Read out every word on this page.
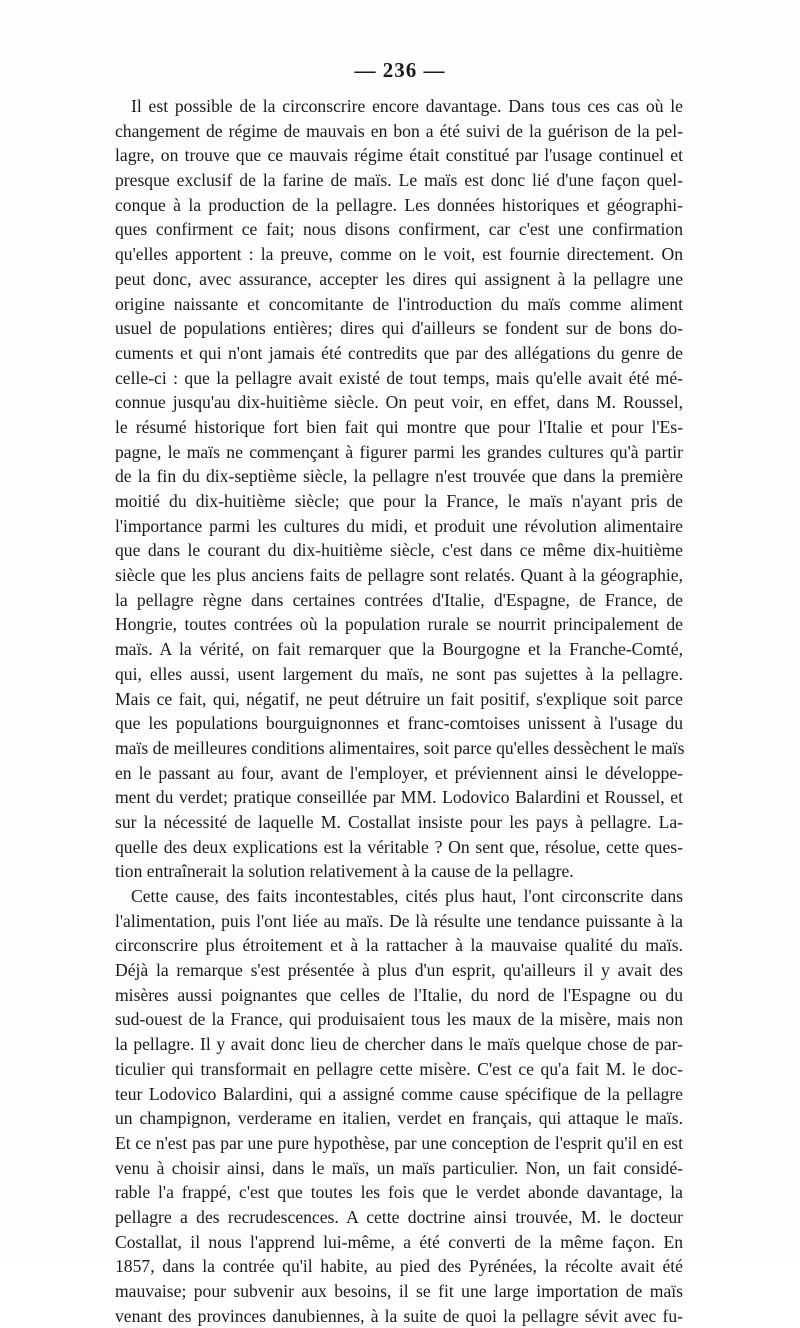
— 236 —
Il est possible de la circonscrire encore davantage. Dans tous ces cas où le
changement de régime de mauvais en bon a été suivi de la guérison de la pel-
lagre, on trouve que ce mauvais régime était constitué par l'usage continuel et
presque exclusif de la farine de maïs. Le maïs est donc lié d'une façon quel-
conque à la production de la pellagre. Les données historiques et géographi-
ques confirment ce fait; nous disons confirment, car c'est une confirmation
qu'elles apportent : la preuve, comme on le voit, est fournie directement. On
peut donc, avec assurance, accepter les dires qui assignent à la pellagre une
origine naissante et concomitante de l'introduction du maïs comme aliment
usuel de populations entières; dires qui d'ailleurs se fondent sur de bons do-
cuments et qui n'ont jamais été contredits que par des allégations du genre de
celle-ci : que la pellagre avait existé de tout temps, mais qu'elle avait été mé-
connue jusqu'au dix-huitième siècle. On peut voir, en effet, dans M. Roussel,
le résumé historique fort bien fait qui montre que pour l'Italie et pour l'Es-
pagne, le maïs ne commençant à figurer parmi les grandes cultures qu'à partir
de la fin du dix-septième siècle, la pellagre n'est trouvée que dans la première
moitié du dix-huitième siècle; que pour la France, le maïs n'ayant pris de
l'importance parmi les cultures du midi, et produit une révolution alimentaire
que dans le courant du dix-huitième siècle, c'est dans ce même dix-huitième
siècle que les plus anciens faits de pellagre sont relatés. Quant à la géographie,
la pellagre règne dans certaines contrées d'Italie, d'Espagne, de France, de
Hongrie, toutes contrées où la population rurale se nourrit principalement de
maïs. A la vérité, on fait remarquer que la Bourgogne et la Franche-Comté,
qui, elles aussi, usent largement du maïs, ne sont pas sujettes à la pellagre.
Mais ce fait, qui, négatif, ne peut détruire un fait positif, s'explique soit parce
que les populations bourguignonnes et franc-comtoises unissent à l'usage du
maïs de meilleures conditions alimentaires, soit parce qu'elles dessèchent le maïs
en le passant au four, avant de l'employer, et préviennent ainsi le développe-
ment du verdet; pratique conseillée par MM. Lodovico Balardini et Roussel, et
sur la nécessité de laquelle M. Costallat insiste pour les pays à pellagre. La-
quelle des deux explications est la véritable ? On sent que, résolue, cette ques-
tion entraînerait la solution relativement à la cause de la pellagre.
Cette cause, des faits incontestables, cités plus haut, l'ont circonscrite dans
l'alimentation, puis l'ont liée au maïs. De là résulte une tendance puissante à la
circonscrire plus étroitement et à la rattacher à la mauvaise qualité du maïs.
Déjà la remarque s'est présentée à plus d'un esprit, qu'ailleurs il y avait des
misères aussi poignantes que celles de l'Italie, du nord de l'Espagne ou du
sud-ouest de la France, qui produisaient tous les maux de la misère, mais non
la pellagre. Il y avait donc lieu de chercher dans le maïs quelque chose de par-
ticulier qui transformait en pellagre cette misère. C'est ce qu'a fait M. le doc-
teur Lodovico Balardini, qui a assigné comme cause spécifique de la pellagre
un champignon, verderame en italien, verdet en français, qui attaque le maïs.
Et ce n'est pas par une pure hypothèse, par une conception de l'esprit qu'il en est
venu à choisir ainsi, dans le maïs, un maïs particulier. Non, un fait considé-
rable l'a frappé, c'est que toutes les fois que le verdet abonde davantage, la
pellagre a des recrudescences. A cette doctrine ainsi trouvée, M. le docteur
Costallat, il nous l'apprend lui-même, a été converti de la même façon. En
1857, dans la contrée qu'il habite, au pied des Pyrénées, la récolte avait été
mauvaise; pour subvenir aux besoins, il se fit une large importation de maïs
venant des provinces danubiennes, à la suite de quoi la pellagre sévit avec fu-
